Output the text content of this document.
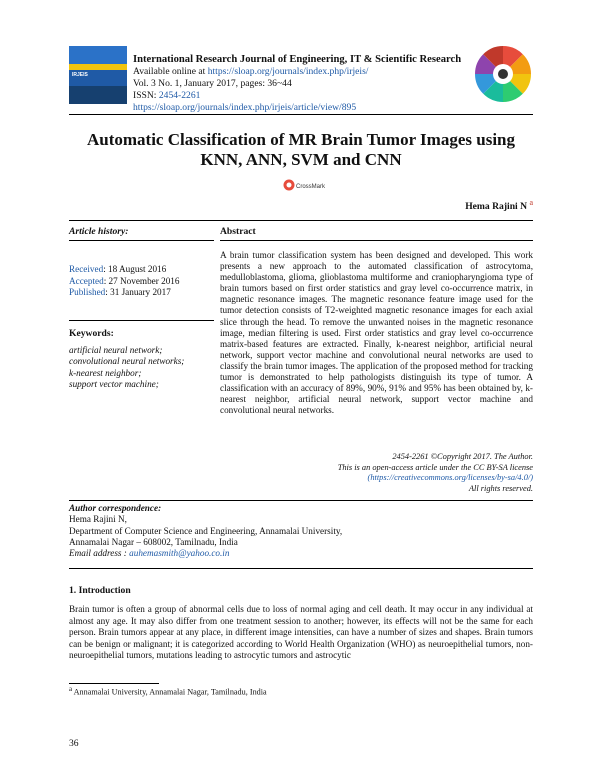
IRJEIS
International Research Journal of Engineering, IT & Scientific Research
Available online at https://sloap.org/journals/index.php/irjeis/
Vol. 3 No. 1, January 2017, pages: 36~44
ISSN: 2454-2261
https://sloap.org/journals/index.php/irjeis/article/view/895
Automatic Classification of MR Brain Tumor Images using KNN, ANN, SVM and CNN
CrossMark
Hema Rajini N $^a$
Article history:	Abstract
Received: 18 August 2016
Accepted: 27 November 2016
Published: 31 January 2017
Keywords:
artificial neural network;
convolutional neural networks;
k-nearest neighbor;
support vector machine;
A brain tumor classification system has been designed and developed. This work presents a new approach to the automated classification of astrocytoma, medulloblastoma, glioma, glioblastoma multiforme and craniopharyngioma type of brain tumors based on first order statistics and gray level co-occurrence matrix, in magnetic resonance images. The magnetic resonance feature image used for the tumor detection consists of T2-weighted magnetic resonance images for each axial slice through the head. To remove the unwanted noises in the magnetic resonance image, median filtering is used. First order statistics and gray level co-occurrence matrix-based features are extracted. Finally, k-nearest neighbor, artificial neural network, support vector machine and convolutional neural networks are used to classify the brain tumor images. The application of the proposed method for tracking tumor is demonstrated to help pathologists distinguish its type of tumor. A classification with an accuracy of 89%, 90%, 91% and 95% has been obtained by, k-nearest neighbor, artificial neural network, support vector machine and convolutional neural networks.
2454-2261 ©Copyright 2017. The Author.
This is an open-access article under the CC BY-SA license
(https://creativecommons.org/licenses/by-sa/4.0/)
All rights reserved.
Author correspondence:
Hema Rajini N,
Department of Computer Science and Engineering, Annamalai University,
Annamalai Nagar – 608002, Tamilnadu, India
Email address : auhemasmith@yahoo.co.in
1. Introduction
Brain tumor is often a group of abnormal cells due to loss of normal aging and cell death. It may occur in any individual at almost any age. It may also differ from one treatment session to another; however, its effects will not be the same for each person. Brain tumors appear at any place, in different image intensities, can have a number of sizes and shapes. Brain tumors can be benign or malignant; it is categorized according to World Health Organization (WHO) as neuroepithelial tumors, non-neuroepithelial tumors, mutations leading to astrocytic tumors and astrocytic
$^a$ Annamalai University, Annamalai Nagar, Tamilnadu, India
36
